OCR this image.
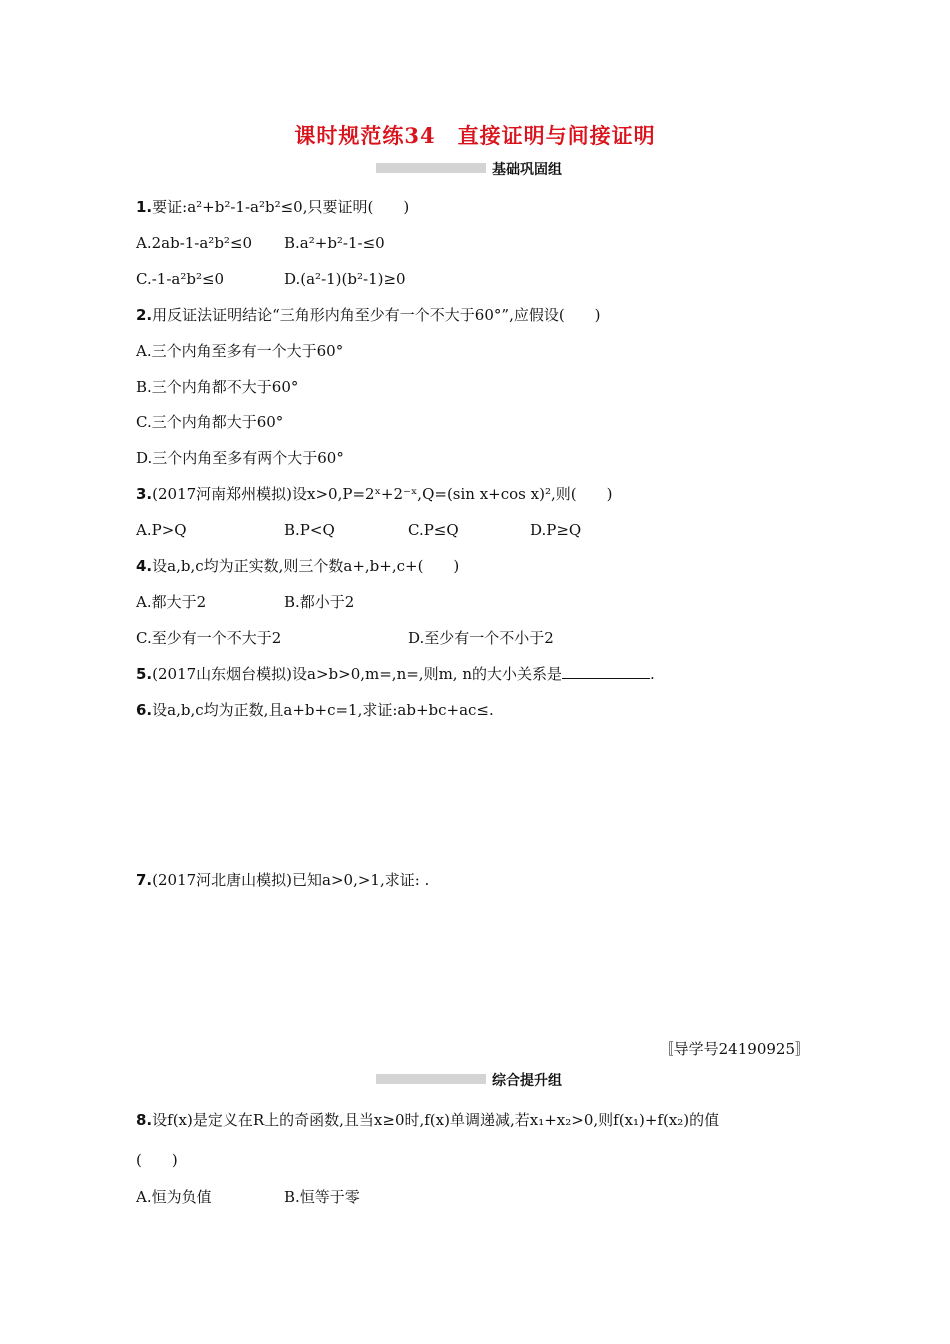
课时规范练34　直接证明与间接证明
基础巩固组
1.要证:a²+b²-1-a²b²≤0,只要证明(　　)
A.2ab-1-a²b²≤0 B.a²+b²-1-≤0
C.-1-a²b²≤0	D.(a²-1)(b²-1)≥0
2.用反证法证明结论“三角形内角至少有一个不大于60°”,应假设(　　)
A.三个内角至多有一个大于60°
B.三个内角都不大于60°
C.三个内角都大于60°
D.三个内角至多有两个大于60°
3.(2017河南郑州模拟)设x>0,P=2ˣ+2⁻ˣ,Q=(sin x+cos x)²,则(　　)
A.P>Q	B.P<Q	C.P≤Q	D.P≥Q
4.设a,b,c均为正实数,则三个数a+,b+,c+(　　)
A.都大于2	B.都小于2
C.至少有一个不大于2	D.至少有一个不小于2
5.(2017山东烟台模拟)设a>b>0,m=,n=,则m, n的大小关系是	.
6.设a,b,c均为正数,且a+b+c=1,求证:ab+bc+ac≤.
7.(2017河北唐山模拟)已知a>0,>1,求证: .
〚导学号24190925〛
综合提升组
8.设f(x)是定义在R上的奇函数,且当x≥0时,f(x)单调递减,若x₁+x₂>0,则f(x₁)+f(x₂)的值
(　　)
A.恒为负值	B.恒等于零
